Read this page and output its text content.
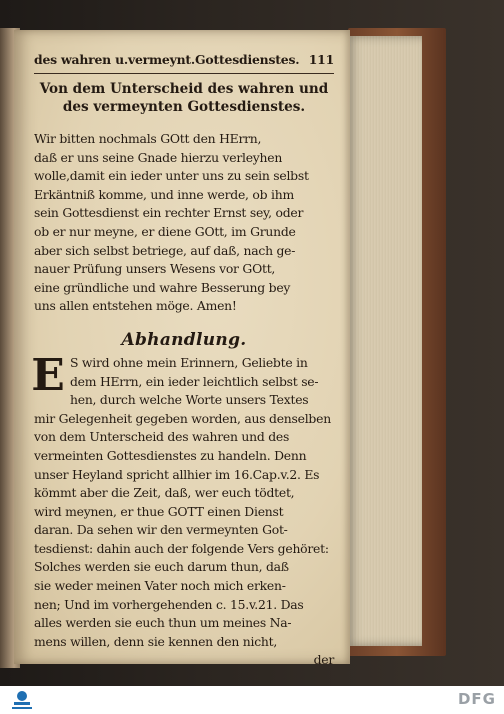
des wahren u.vermeynt.Gottesdienstes. 111
Von dem Unterscheid des wahren und
des vermeynten Gottesdienstes.
Wir bitten nochmals GOtt den HErrn,
daß er uns seine Gnade hierzu verleyhen
wolle,damit ein ieder unter uns zu sein selbst
Erkäntniß komme, und inne werde, ob ihm
sein Gottesdienst ein rechter Ernst sey, oder
ob er nur meyne, er diene GOtt, im Grunde
aber sich selbst betriege, auf daß, nach ge-
nauer Prüfung unsers Wesens vor GOtt,
eine gründliche und wahre Besserung bey
uns allen entstehen möge. Amen!
Abhandlung.
E S wird ohne mein Erinnern, Geliebte in
dem HErrn, ein ieder leichtlich selbst se-
hen, durch welche Worte unsers Textes
mir Gelegenheit gegeben worden, aus denselben
von dem Unterscheid des wahren und des
vermeinten Gottesdienstes zu handeln. Denn
unser Heyland spricht allhier im 16.Cap.v.2. Es
kömmt aber die Zeit, daß, wer euch tödtet,
wird meynen, er thue GOTT einen Dienst
daran. Da sehen wir den vermeynten Got-
tesdienst: dahin auch der folgende Vers gehöret:
Solches werden sie euch darum thun, daß
sie weder meinen Vater noch mich erken-
nen; Und im vorhergehenden c. 15.v.21. Das
alles werden sie euch thun um meines Na-
mens willen, denn sie kennen den nicht,
der
DFG
